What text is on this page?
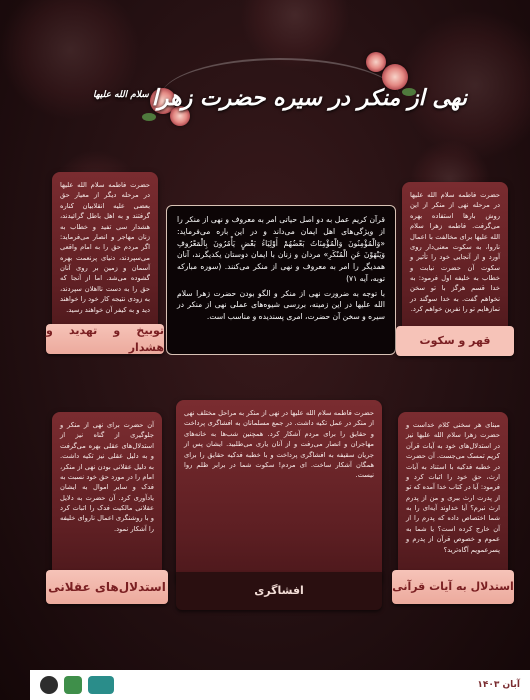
نهی از منکر در سیره حضرت زهرا$^{سلام الله علیها}$

قرآن کریم عمل به دو اصل حیاتی امر به معروف و نهی از منکر را از ویژگی‌های اهل ایمان می‌داند و در این باره می‌فرماید: «وَالْمُؤْمِنُونَ وَالْمُؤْمِنَاتُ بَعْضُهُمْ أَوْلِيَاءُ بَعْضٍ يَأْمُرُونَ بِالْمَعْرُوفِ وَيَنْهَوْنَ عَنِ الْمُنْكَرِ» مردان و زنان با ایمان دوستان یکدیگرند، آنان همدیگر را امر به معروف و نهی از منکر می‌کنند. (سوره مبارکه توبه، آیه ۷۱)

با توجه به ضرورت نهی از منکر و الگو بودن حضرت زهرا سلام الله علیها در این زمینه، بررسی شیوه‌های عملی نهی از منکر در سیره و سخن آن حضرت، امری پسندیده و مناسب است.

حضرت فاطمه سلام الله علیها در مرحله نهی از منکر از این روش بارها استفاده بهره می‌گرفت. فاطمه زهرا سلام الله علیها برای مخالفت با اعمال ناروا، به سکوت معنی‌دار روی آورد و از آنجایی خود را تأثیر و سکوت آن حضرت نیابت و خطاب به خلیفه اول فرمود: به خدا قسم هرگز با تو سخن نخواهم گفت. به خدا سوگند در نمازهایم تو را نفرین خواهم کرد.
قهر و سکوت
حضرت فاطمه سلام الله علیها در مرحله دیگر از معیار حق بعضی علیه انقلابیان کناره گرفتند و به اهل باطل گرائیدند، هشدار سی تفید و خطاب به زنان مهاجر و انصار می‌فرماید: اگر مردم حق را به امام واقعی می‌سپردند، دنیای پرنعمت بهره آسمان و زمین بر روی آنان گشوده می‌شد. اما از آنجا که حق را به دست نااهلان سپردند، به زودی نتیجه کار خود را خواهند دید و به کیفر آن خواهند رسید.
توبیخ و تهدید و هشدار
آن حضرت برای نهی از منکر و جلوگیری از گناه نیز از استدلال‌های عقلی بهره می‌گرفت و به دلیل عقلی نیز تکیه داشت. به دلیل عقلانی بودن نهی از منکر، امام را در مورد حق خود نسبت به فدک و سایر اموال به ایشان یادآوری کرد. آن حضرت به دلایل عقلانی مالکیت فدک را اثبات کرد و با روشنگری اعمال ناروای خلیفه را آشکار نمود.
استدلال‌های عقلانی
حضرت فاطمه سلام الله علیها در نهی از منکر به مراحل مختلف نهی از منکر در عمل تکیه داشت. در جمع مسلمانان به افشاگری پرداخت و حقایق را برای مردم آشکار کرد. همچنین شب‌ها به خانه‌های مهاجران و انصار می‌رفت و از آنان یاری می‌طلبید. ایشان پس از جریان سقیفه به افشاگری پرداخت و با خطبه فدکیه حقایق را برای همگان آشکار ساخت. ای مردم! سکوت شما در برابر ظلم روا نیست.
افشاگری
مبنای هر سخنی کلام خداست و حضرت زهرا سلام الله علیها نیز در استدلال‌های خود به آیات قرآن کریم تمسک می‌جست. آن حضرت در خطبه فدکیه با استناد به آیات ارث، حق خود را اثبات کرد و فرمود: آیا در کتاب خدا آمده که تو از پدرت ارث ببری و من از پدرم ارث نبرم؟ آیا خداوند آیه‌ای را به شما اختصاص داده که پدرم را از آن خارج کرده است؟ یا شما به عموم و خصوص قرآن از پدرم و پسرعمویم آگاه‌ترید؟
استدلال به آیات قرآنی
آبان ۱۴۰۳
